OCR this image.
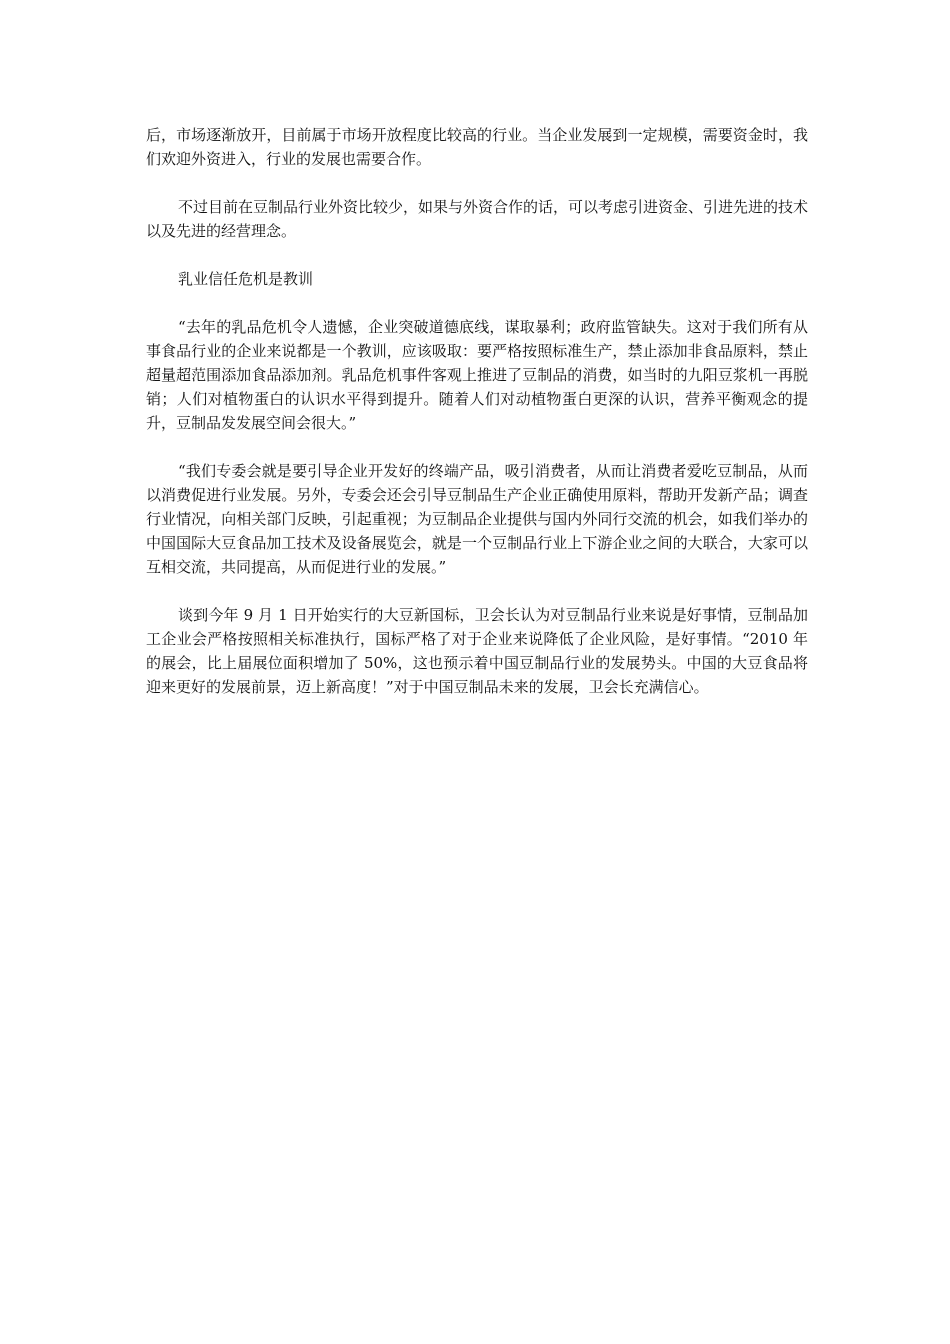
后，市场逐渐放开，目前属于市场开放程度比较高的行业。当企业发展到一定规模，需要资金时，我们欢迎外资进入，行业的发展也需要合作。

不过目前在豆制品行业外资比较少，如果与外资合作的话，可以考虑引进资金、引进先进的技术以及先进的经营理念。

乳业信任危机是教训

“去年的乳品危机令人遗憾，企业突破道德底线，谋取暴利；政府监管缺失。这对于我们所有从事食品行业的企业来说都是一个教训，应该吸取：要严格按照标准生产，禁止添加非食品原料，禁止超量超范围添加食品添加剂。乳品危机事件客观上推进了豆制品的消费，如当时的九阳豆浆机一再脱销；人们对植物蛋白的认识水平得到提升。随着人们对动植物蛋白更深的认识，营养平衡观念的提升，豆制品发发展空间会很大。”

“我们专委会就是要引导企业开发好的终端产品，吸引消费者，从而让消费者爱吃豆制品，从而以消费促进行业发展。另外，专委会还会引导豆制品生产企业正确使用原料，帮助开发新产品；调查行业情况，向相关部门反映，引起重视；为豆制品企业提供与国内外同行交流的机会，如我们举办的中国国际大豆食品加工技术及设备展览会，就是一个豆制品行业上下游企业之间的大联合，大家可以互相交流，共同提高，从而促进行业的发展。”

谈到今年 9 月 1 日开始实行的大豆新国标，卫会长认为对豆制品行业来说是好事情，豆制品加工企业会严格按照相关标准执行，国标严格了对于企业来说降低了企业风险，是好事情。“2010 年的展会，比上届展位面积增加了 50%，这也预示着中国豆制品行业的发展势头。中国的大豆食品将迎来更好的发展前景，迈上新高度！”对于中国豆制品未来的发展，卫会长充满信心。
